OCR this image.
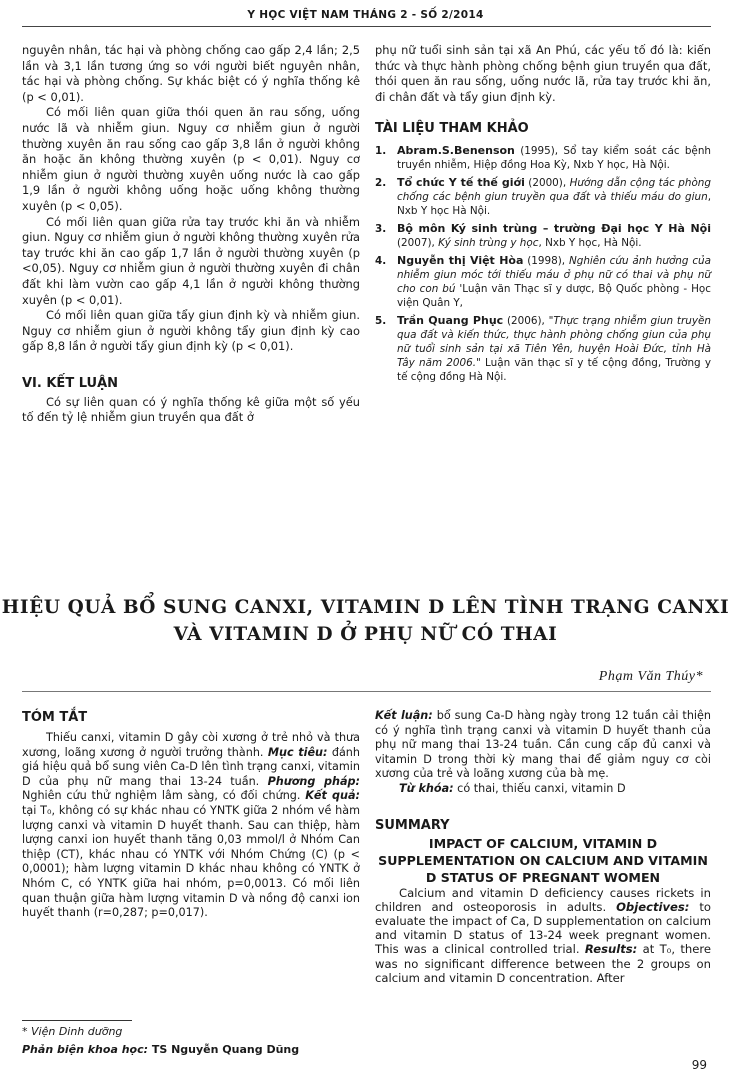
Y HỌC VIỆT NAM THÁNG 2 - SỐ 2/2014

nguyên nhân, tác hại và phòng chống cao gấp 2,4 lần; 2,5 lần và 3,1 lần tương ứng so với người biết nguyên nhân, tác hại và phòng chống. Sự khác biệt có ý nghĩa thống kê (p < 0,01).

Có mối liên quan giữa thói quen ăn rau sống, uống nước lã và nhiễm giun. Nguy cơ nhiễm giun ở người thường xuyên ăn rau sống cao gấp 3,8 lần ở người không ăn hoặc ăn không thường xuyên (p < 0,01). Nguy cơ nhiễm giun ở người thường xuyên uống nước là cao gấp 1,9 lần ở người không uống hoặc uống không thường xuyên (p < 0,05).

Có mối liên quan giữa rửa tay trước khi ăn và nhiễm giun. Nguy cơ nhiễm giun ở người không thường xuyên rửa tay trước khi ăn cao gấp 1,7 lần ở người thường xuyên (p <0,05). Nguy cơ nhiễm giun ở người thường xuyên đi chân đất khi làm vườn cao gấp 4,1 lần ở người không thường xuyên (p < 0,01).

Có mối liên quan giữa tẩy giun định kỳ và nhiễm giun. Nguy cơ nhiễm giun ở người không tẩy giun định kỳ cao gấp 8,8 lần ở người tẩy giun định kỳ (p < 0,01).

VI. KẾT LUẬN

Có sự liên quan có ý nghĩa thống kê giữa một số yếu tố đến tỷ lệ nhiễm giun truyền qua đất ở

phụ nữ tuổi sinh sản tại xã An Phú, các yếu tố đó là: kiến thức và thực hành phòng chống bệnh giun truyền qua đất, thói quen ăn rau sống, uống nước lã, rửa tay trước khi ăn, đi chân đất và tẩy giun định kỳ.

TÀI LIỆU THAM KHẢO

1. Abram.S.Benenson (1995), Sổ tay kiểm soát các bệnh truyền nhiễm, Hiệp đồng Hoa Kỳ, Nxb Y học, Hà Nội.
2. Tổ chức Y tế thế giới (2000), Hướng dẫn cộng tác phòng chống các bệnh giun truyền qua đất và thiếu máu do giun, Nxb Y học Hà Nội.
3. Bộ môn Ký sinh trùng – trường Đại học Y Hà Nội (2007), Ký sinh trùng y học, Nxb Y học, Hà Nội.
4. Nguyễn thị Việt Hòa (1998), Nghiên cứu ảnh hưởng của nhiễm giun móc tới thiếu máu ở phụ nữ có thai và phụ nữ cho con bú 'Luận văn Thạc sĩ y dược, Bộ Quốc phòng - Học viện Quân Y,
5. Trần Quang Phục (2006), "Thực trạng nhiễm giun truyền qua đất và kiến thức, thực hành phòng chống giun của phụ nữ tuổi sinh sản tại xã Tiên Yên, huyện Hoài Đức, tỉnh Hà Tây năm 2006." Luận văn thạc sĩ y tế cộng đồng, Trường y tế cộng đồng Hà Nội.
HIỆU QUẢ BỔ SUNG CANXI, VITAMIN D LÊN TÌNH TRẠNG CANXI
VÀ VITAMIN D Ở PHỤ NỮ CÓ THAI
Phạm Văn Thúy*

TÓM TẮT

Thiếu canxi, vitamin D gây còi xương ở trẻ nhỏ và thưa xương, loãng xương ở người trưởng thành. Mục tiêu: đánh giá hiệu quả bổ sung viên Ca-D lên tình trạng canxi, vitamin D của phụ nữ mang thai 13-24 tuần. Phương pháp: Nghiên cứu thử nghiệm lâm sàng, có đối chứng. Kết quả: tại T₀, không có sự khác nhau có YNTK giữa 2 nhóm về hàm lượng canxi và vitamin D huyết thanh. Sau can thiệp, hàm lượng canxi ion huyết thanh tăng 0,03 mmol/l ở Nhóm Can thiệp (CT), khác nhau có YNTK với Nhóm Chứng (C) (p < 0,0001); hàm lượng vitamin D khác nhau không có YNTK ở Nhóm C, có YNTK giữa hai nhóm, p=0,0013. Có mối liên quan thuận giữa hàm lượng vitamin D và nồng độ canxi ion huyết thanh (r=0,287; p=0,017).

Kết luận: bổ sung Ca-D hàng ngày trong 12 tuần cải thiện có ý nghĩa tình trạng canxi và vitamin D huyết thanh của phụ nữ mang thai 13-24 tuần. Cần cung cấp đủ canxi và vitamin D trong thời kỳ mang thai để giảm nguy cơ còi xương của trẻ và loãng xương của bà mẹ.

Từ khóa: có thai, thiếu canxi, vitamin D

SUMMARY

IMPACT OF CALCIUM, VITAMIN D SUPPLEMENTATION ON CALCIUM AND VITAMIN D STATUS OF PREGNANT WOMEN

Calcium and vitamin D deficiency causes rickets in children and osteoporosis in adults. Objectives: to evaluate the impact of Ca, D supplementation on calcium and vitamin D status of 13-24 week pregnant women. This was a clinical controlled trial. Results: at T₀, there was no significant difference between the 2 groups on calcium and vitamin D concentration. After

* Viện Dinh dưỡng
Phản biện khoa học: TS Nguyễn Quang Dũng
99
